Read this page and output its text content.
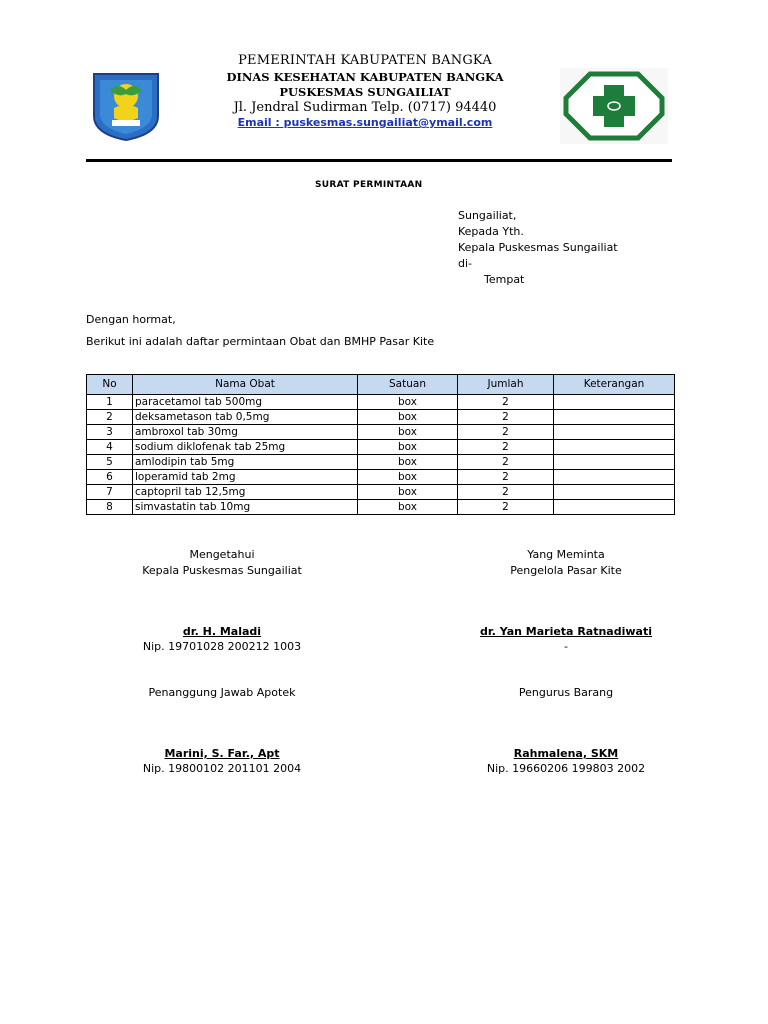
PEMERINTAH KABUPATEN BANGKA
DINAS KESEHATAN KABUPATEN BANGKA
PUSKESMAS SUNGAILIAT
Jl. Jendral Sudirman Telp. (0717) 94440
Email : puskesmas.sungailiat@ymail.com
SURAT PERMINTAAN
Sungailiat,
Kepada Yth.
Kepala Puskesmas Sungailiat
di-
Tempat
Dengan hormat,
Berikut ini adalah daftar permintaan Obat dan BMHP Pasar Kite
No	Nama Obat	Satuan	Jumlah	Keterangan
1	paracetamol tab 500mg	box	2	
2	deksametason tab 0,5mg	box	2	
3	ambroxol tab 30mg	box	2	
4	sodium diklofenak tab 25mg	box	2	
5	amlodipin tab 5mg	box	2	
6	loperamid tab 2mg	box	2	
7	captopril tab 12,5mg	box	2	
8	simvastatin tab 10mg	box	2	
Mengetahui
Kepala Puskesmas Sungailiat
dr. H. Maladi
Nip. 19701028 200212 1003
Yang Meminta
Pengelola Pasar Kite
dr. Yan Marieta Ratnadiwati
-
Penanggung Jawab Apotek
Marini, S. Far., Apt
Nip. 19800102 201101 2004
Pengurus Barang
Rahmalena, SKM
Nip. 19660206 199803 2002
